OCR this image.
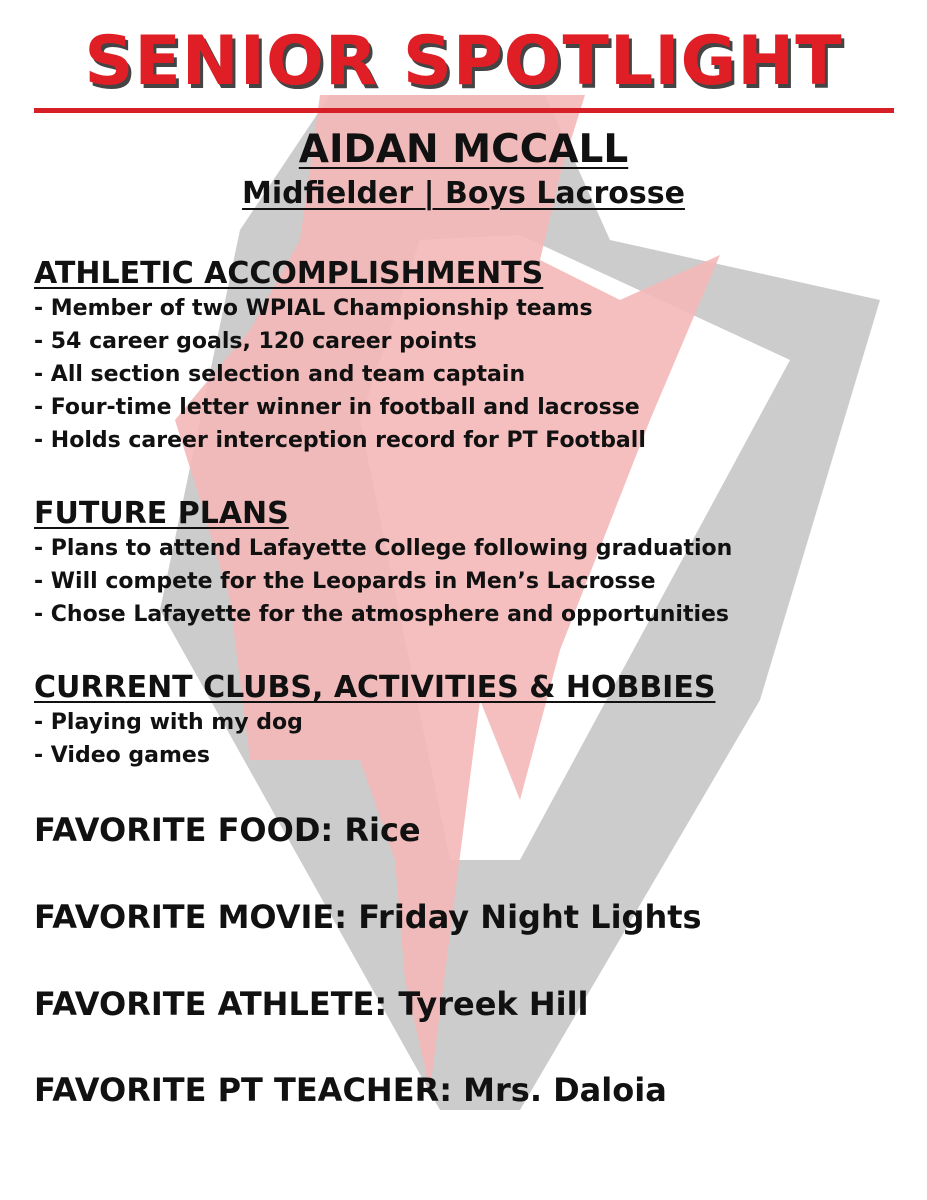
SENIOR SPOTLIGHT
AIDAN MCCALL
Midfielder | Boys Lacrosse
ATHLETIC ACCOMPLISHMENTS
- Member of two WPIAL Championship teams
- 54 career goals, 120 career points
- All section selection and team captain
- Four-time letter winner in football and lacrosse
- Holds career interception record for PT Football
FUTURE PLANS
- Plans to attend Lafayette College following graduation
- Will compete for the Leopards in Men’s Lacrosse
- Chose Lafayette for the atmosphere and opportunities
CURRENT CLUBS, ACTIVITIES & HOBBIES
- Playing with my dog
- Video games
FAVORITE FOOD: Rice
FAVORITE MOVIE: Friday Night Lights
FAVORITE ATHLETE: Tyreek Hill
FAVORITE PT TEACHER: Mrs. Daloia
